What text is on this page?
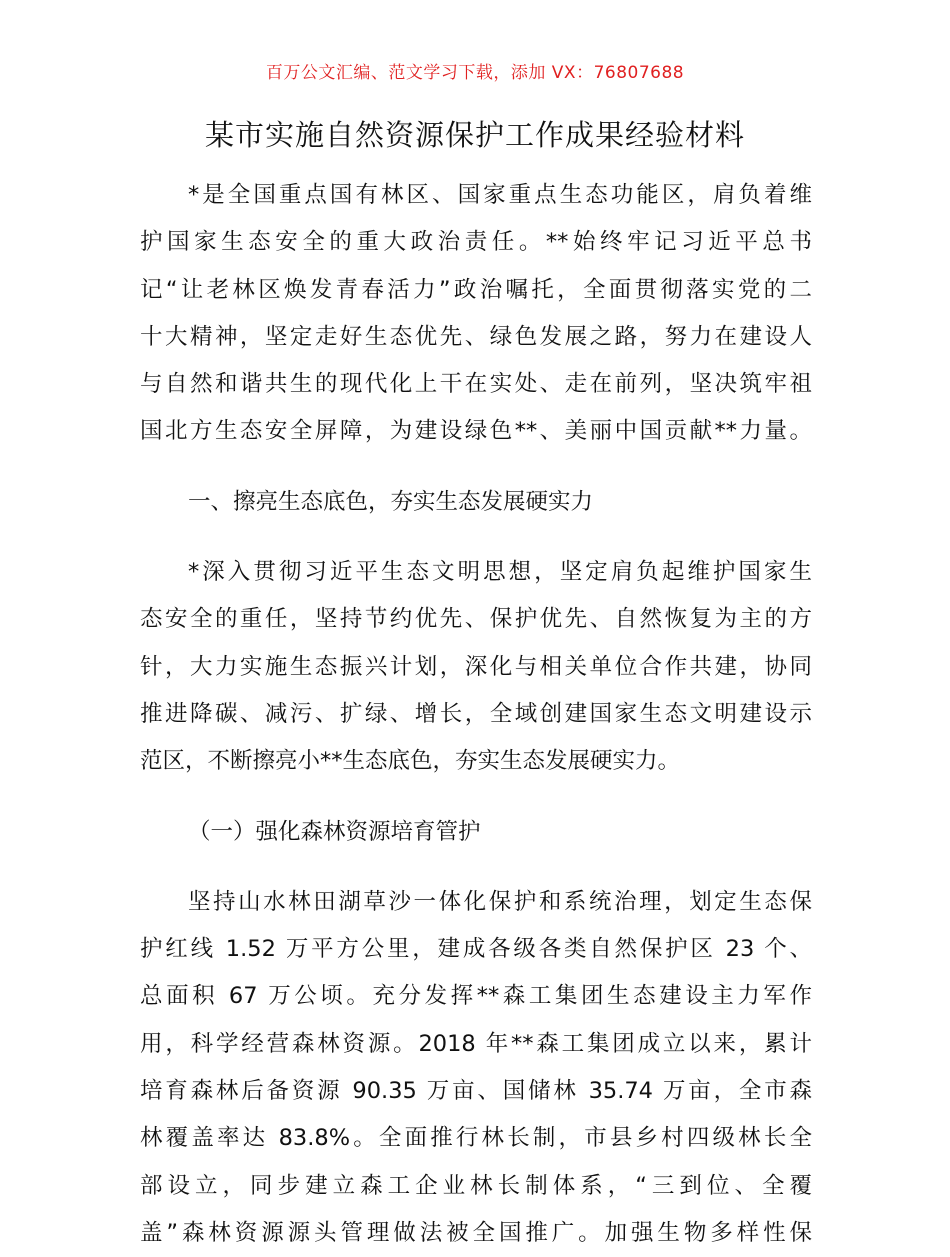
百万公文汇编、范文学习下载，添加 VX：76807688
某市实施自然资源保护工作成果经验材料
*是全国重点国有林区、国家重点生态功能区，肩负着维
护国家生态安全的重大政治责任。**始终牢记习近平总书
记“让老林区焕发青春活力”政治嘱托，全面贯彻落实党的二
十大精神，坚定走好生态优先、绿色发展之路，努力在建设人
与自然和谐共生的现代化上干在实处、走在前列，坚决筑牢祖
国北方生态安全屏障，为建设绿色**、美丽中国贡献**力量。
一、擦亮生态底色，夯实生态发展硬实力
*深入贯彻习近平生态文明思想，坚定肩负起维护国家生
态安全的重任，坚持节约优先、保护优先、自然恢复为主的方
针，大力实施生态振兴计划，深化与相关单位合作共建，协同
推进降碳、减污、扩绿、增长，全域创建国家生态文明建设示
范区，不断擦亮小**生态底色，夯实生态发展硬实力。
（一）强化森林资源培育管护
坚持山水林田湖草沙一体化保护和系统治理，划定生态保
护红线 1.52 万平方公里，建成各级各类自然保护区 23 个、
总面积 67 万公顷。充分发挥**森工集团生态建设主力军作
用，科学经营森林资源。2018 年**森工集团成立以来，累计
培育森林后备资源 90.35 万亩、国储林 35.74 万亩，全市森
林覆盖率达 83.8%。全面推行林长制，市县乡村四级林长全
部设立，同步建立森工企业林长制体系，“三到位、全覆
盖”森林资源源头管理做法被全国推广。加强生物多样性保
